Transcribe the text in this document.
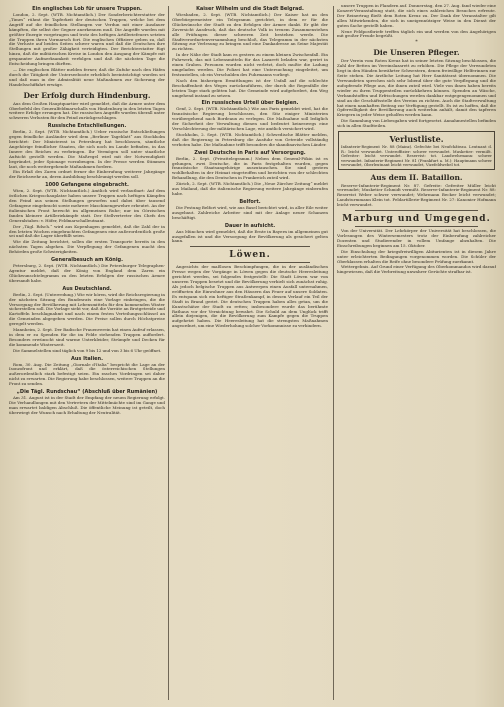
Ein englisches Lob für unsere Truppen.

London, 2. Sept. (WTB. Nichtamtlich.) Der Sonderberichterstatter der „Times“ rühmt die Tapferkeit der deutschen Truppen, welche bei dem Angriff auf die feindlichen Stellungen vor Verdun mit einer Ausdauer kämpften, die selbst der Gegner anerkennen muß. Die Angriffe wurden mit größter Energie vorgetragen und trotz des heftigen Artilleriefeuers setzten die Truppen ihren Vormarsch fort. Die englischen Offiziere geben zu, daß die Verluste auf beiden Seiten schwer waren und daß die Deutschen ihre Stellungen mit großer Zähigkeit verteidigten. Der Berichterstatter fügt hinzu, daß die militärischen Kreise in London den Ausgang der Kämpfe mit gespannter Aufmerksamkeit verfolgen und daß die nächsten Tage die Entscheidung bringen dürften.

— Die englischen Blätter melden ferner, daß die Zufuhr nach den Häfen durch die Tätigkeit der Unterseeboote erheblich beeinträchtigt worden sei und daß man in der Admiralität neue Maßnahmen zur Sicherung der Handelsschiffahrt erwäge.

Der Erfolg durch Hindenburg.

Aus dem Großen Hauptquartier wird gemeldet, daß die Armee unter dem Oberbefehl des Generalfeldmarschalls von Hindenburg in den letzten Tagen weitere Erfolge errungen hat. Die russischen Angriffe wurden überall unter schweren Verlusten für den Feind zurückgeschlagen.

Russische Entschließungen.

Berlin, 2. Sept. (WTB. Nichtamtlich.) Ueber russische Entschließungen gegen feindliche Ausländer wird dem „Berliner Tageblatt“ aus Stockholm berichtet: Der Ministerrat in Petersburg hat beschlossen, sämtliche Angehörige feindlicher Staaten, die sich noch im Lande befinden, in das Innere des Reiches zu verbringen. Ihr Vermögen soll unter staatliche Aufsicht gestellt werden. Die Maßregel wird mit der Notwendigkeit begründet, jeder Spionage vorzubeugen. In der Presse werden Stimmen laut, die noch weitergehende Maßnahmen fordern.

Ein Erlaß des Zaren ordnet ferner die Einberufung weiterer Jahrgänge der Reichswehr an, deren Ausbildung beschleunigt werden soll.

1000 Gefangene eingebracht.

Wien, 2. Sept. (WTB. Nichtamtlich.) Amtlich wird verlautbart: Auf dem östlichen Kriegsschauplatze haben unsere Truppen nach heftigen Kämpfen den Feind aus seinen Stellungen geworfen und dabei über tausend Gefangene eingebracht sowie mehrere Maschinengewehre erbeutet. An der italienischen Front herrscht im allgemeinen Ruhe; nur im Görzischen fanden kleinere Artilleriekämpfe statt. Der Stellvertreter des Chefs des Generalstabes: v. Höfer, Feldmarschalleutnant.

Der „Tägl. Rdsch.“ wird aus Kopenhagen gemeldet, daß die Zahl der in den letzten Wochen eingebrachten Gefangenen eine außerordentlich große sei und daß die Lager überfüllt seien.

Wie die Zeitung berichtet, sollen die ersten Transporte bereits in den nächsten Tagen abgehen. Die Verpflegung der Gefangenen macht den Behörden große Schwierigkeiten.

Generalbesuch am König.

Petersburg, 2. Sept. (WTB. Nichtamtlich.) Die Petersburger Telegraphen-Agentur meldet, daß der König von England dem Zaren ein Glückwunschtelegramm zu den letzten Erfolgen der russischen Armee übersandt habe.

Aus Deutschland.

Berlin, 2. Sept. (Unterredung.) Wie wir hören, wird die Reichsregierung in der nächsten Sitzung des Bundesrats eine Vorlage einbringen, die die Versorgung der Bevölkerung mit Lebensmitteln für den kommenden Winter sicherstellen soll. Die Vorlage sieht vor, daß die Vorräte an Brotgetreide und Kartoffeln beschlagnahmt und nach einem festen Verteilungsschlüssel an die Gemeinden abgegeben werden. Die Preise sollen durch Höchstpreise geregelt werden.

Mannheim, 2. Sept. Der Badische Frauenverein hat einen Aufruf erlassen, in dem er zu Spenden für die im Felde stehenden Truppen auffordert. Besonders erwünscht sind warme Unterkleider, Strümpfe und Decken für die kommende Winterszeit.

Die Sammelstellen sind täglich von 9 bis 12 und von 3 bis 6 Uhr geöffnet.

Aus Italien.

Rom, 30. Aug. Die Zeitung „Giornale d'Italia“ bespricht die Lage an der Isonzofront und erklärt, daß die österreichischen Stellungen außerordentlich stark befestigt seien. Ein rasches Vordringen sei daher nicht zu erwarten. Die Regierung habe beschlossen, weitere Truppen an die Front zu senden.

„Die Tägl. Rundschau“ (Abschluß über Rumänien)

Am 31. August ist in der Stadt der Empfang der neuen Regierung erfolgt. Die Verhandlungen mit den Vertretern der Mittelmächte sind im Gange und man erwartet baldigen Abschluß. Die öffentliche Meinung ist geteilt, doch überwiegt der Wunsch nach Erhaltung der Neutralität.

Kaiser Wilhelm und die Stadt Belgrad.

Wiesbaden, 2. Sept. (WTB. Nichtamtlich.) Der Kaiser hat an den Oberbürgermeister ein Telegramm gerichtet, in dem er für die Glückwünsche der Stadt zu den Erfolgen der Armee dankt. Er gibt der Zuversicht Ausdruck, daß das deutsche Volk in treuem Zusammenstehen alle Prüfungen dieser schweren Zeit bestehen werde. Die Stadtverordnetenversammlung beschloß, das Telegramm in der nächsten Sitzung zur Verlesung zu bringen und eine Dankadresse an Seine Majestät zu richten.

In der Nähe der Stadt kam es gestern zu einem kleinen Zwischenfall. Ein Fuhrwerk, das mit Lebensmitteln für das Lazarett beladen war, geriet in einen Graben. Personen wurden nicht verletzt, doch mußte die Ladung umgeladen werden. Die Polizei hat eine Untersuchung eingeleitet, um festzustellen, ob ein Verschulden des Fuhrmanns vorliegt.

Nach den bisherigen Ermittlungen ist der Unfall auf die schlechte Beschaffenheit des Weges zurückzuführen, der durch die Regenfälle der letzten Tage stark gelitten hat. Die Gemeinde wird aufgefordert, den Weg umgehend instand zu setzen.

Ein russisches Urteil über Belgien.

Genf, 2. Sept. (WTB. Nichtamtlich.) Wie aus Paris gemeldet wird, hat die französische Regierung beschlossen, den Sitz einiger Ministerien vorübergehend nach Bordeaux zu verlegen. Die Maßnahme soll lediglich der Sicherheit der Verwaltung dienen und bedeutet keineswegs eine Verschlechterung der militärischen Lage, wie amtlich versichert wird.

Stockholm, 2. Sept. (WTB. Nichtamtlich.) Schwedische Blätter melden, daß die Regierung in Petersburg die Ausfuhr von Getreide vollständig verboten habe. Die Maßnahme trifft besonders die skandinavischen Länder.

Zwei Deutsche in Paris auf Versorgung.

Berlin, 2. Sept. (Privattelegramm.) Neben dem General-Pökin ist es gelungen, zwei Deutsche, die in Paris festgehalten wurden, gegen französische Staatsangehörige auszutauschen. Sie sind gestern wohlbehalten in der Heimat eingetroffen und berichten von der schlechten Behandlung, die den Deutschen in Frankreich zuteil wird.

Zürich, 2. Sept. (WTB. Nichtamtlich.) Die „Neue Zürcher Zeitung“ meldet aus Mailand, daß die italienische Regierung weitere Jahrgänge einberufen habe.

Belfort.

Die Festung Belfort wird, wie aus Basel berichtet wird, in aller Eile weiter ausgebaut. Zahlreiche Arbeiter sind mit der Anlage neuer Schanzen beschäftigt.

Dauer in aufsicht.

Aus München wird gemeldet, daß die Ernte in Bayern im allgemeinen gut ausgefallen ist und die Versorgung der Bevölkerung als gesichert gelten kann.

Löwen.

Angesichts der maßlosen Beschimpfungen, die in der ausländischen Presse wegen der Vorgänge in Löwen gegen die deutsche Heeresleitung gerichtet werden, sei folgendes festgestellt: Die Stadt Löwen war von unseren Truppen besetzt und die Bevölkerung verhielt sich zunächst ruhig. Als jedoch belgische Truppen aus Antwerpen einen Ausfall unternahmen, eröffneten die Einwohner aus den Häusern das Feuer auf unsere Soldaten. Es entspann sich ein heftiger Straßenkampf, in dessen Verlauf ein Teil der Stadt in Brand geriet. Die deutschen Truppen haben alles getan, um die Kunstschätze der Stadt zu retten; insbesondere wurde das berühmte Rathaus vor der Vernichtung bewahrt. Die Schuld an dem Unglück trifft allein diejenigen, die die Bevölkerung zum Kampfe gegen die Truppen aufgehetzt haben. Die Heeresleitung hat die strengsten Maßnahmen angeordnet, um eine Wiederholung solcher Vorkommnisse zu verhindern.

unsere Truppen in Flandern auf. Donnerstag, den 27. Aug. fand wieder eine Konzert-Veranstaltung statt, die sich eines zahlreichen Besuches erfreute. Der Reinertrag fließt dem Roten Kreuz zu. Der Dank der Veranstalter gilt allen Mitwirkenden, die sich in uneigennütziger Weise in den Dienst der guten Sache gestellt haben.

Neue Feldpostbriefe treffen täglich ein und werden von den Angehörigen mit großer Freude begrüßt.

*
Die Unseren Pfleger.

Der Verein vom Roten Kreuz hat in seiner letzten Sitzung beschlossen, die Zahl der Betten im Vereinslazarett zu erhöhen. Die Pflege der Verwundeten liegt in den Händen bewährter Schwestern, denen freiwillige Helferinnen zur Seite stehen. Die ärztliche Leitung hat Herr Sanitätsrat übernommen. Die Verwundeten sprechen sich sehr lobend über die gute Verpflegung und die aufopfernde Pflege aus, die ihnen zuteil wird. Viele von ihnen haben bereits wieder zu ihren Truppenteilen zurückkehren können. Spenden an Wäsche, Verbandstoffen und Erfrischungen werden dankbar entgegengenommen und sind an die Geschäftsstelle des Vereins zu richten. Auch die Stadtverwaltung hat einen namhaften Beitrag zur Verfügung gestellt. Es ist zu hoffen, daß die Opferwilligkeit der Bevölkerung auch weiterhin anhält, damit den tapferen Kriegern in jeder Weise geholfen werden kann.

Die Sammlung von Liebesgaben wird fortgesetzt. Annahmestellen befinden sich in allen Stadtteilen.

Verlustliste.

Infanterie-Regiment Nr. 88 (Mainz). Gefechte bei Neufchâteau. Leutnant d. R.: leicht verwundet. Unteroffizier: schwer verwundet. Musketier: vermißt. Gefreiter: leicht verwundet. Reservist: tot. Landwehrmann: schwer verwundet. Infanterie-Regiment Nr. 81 (Frankfurt a. M.): Hauptmann schwer verwundet, Oberleutnant leicht verwundet, Vizefeldwebel tot.

Aus dem II. Bataillon.

Reserve-Infanterie-Regiment Nr. 87. Gefreite: Gefreiter Müller leicht verwundet; Musketier Schmidt vermißt. Reserve-Infanterie-Regiment Nr. 88: Reservist Weber schwer verwundet; Wehrmann Becker leicht verwundet; Landsturmmann Klein tot. Feldartillerie-Regiment Nr. 27: Kanonier Hofmann leicht verwundet.

Marburg und Umgegend.

Von der Universität. Der Lehrkörper der Universität hat beschlossen, die Vorlesungen des Wintersemesters trotz der Einberufung zahlreicher Dozenten und Studierender in vollem Umfange abzuhalten. Die Einschreibungen beginnen am 15. Oktober.

Die Einschulung der kriegsfreiwilligen Abiturienten ist in diesem Jahre unter erleichterten Bedingungen vorgenommen worden. Die Schüler der Oberklassen erhalten die Reife ohne besondere Prüfung zuerkannt.

Wettergebnis. Auf Grund einer Verfügung des Oberkommandos wird darauf hingewiesen, daß die Verbreitung unwahrer Gerüchte strafbar ist.
